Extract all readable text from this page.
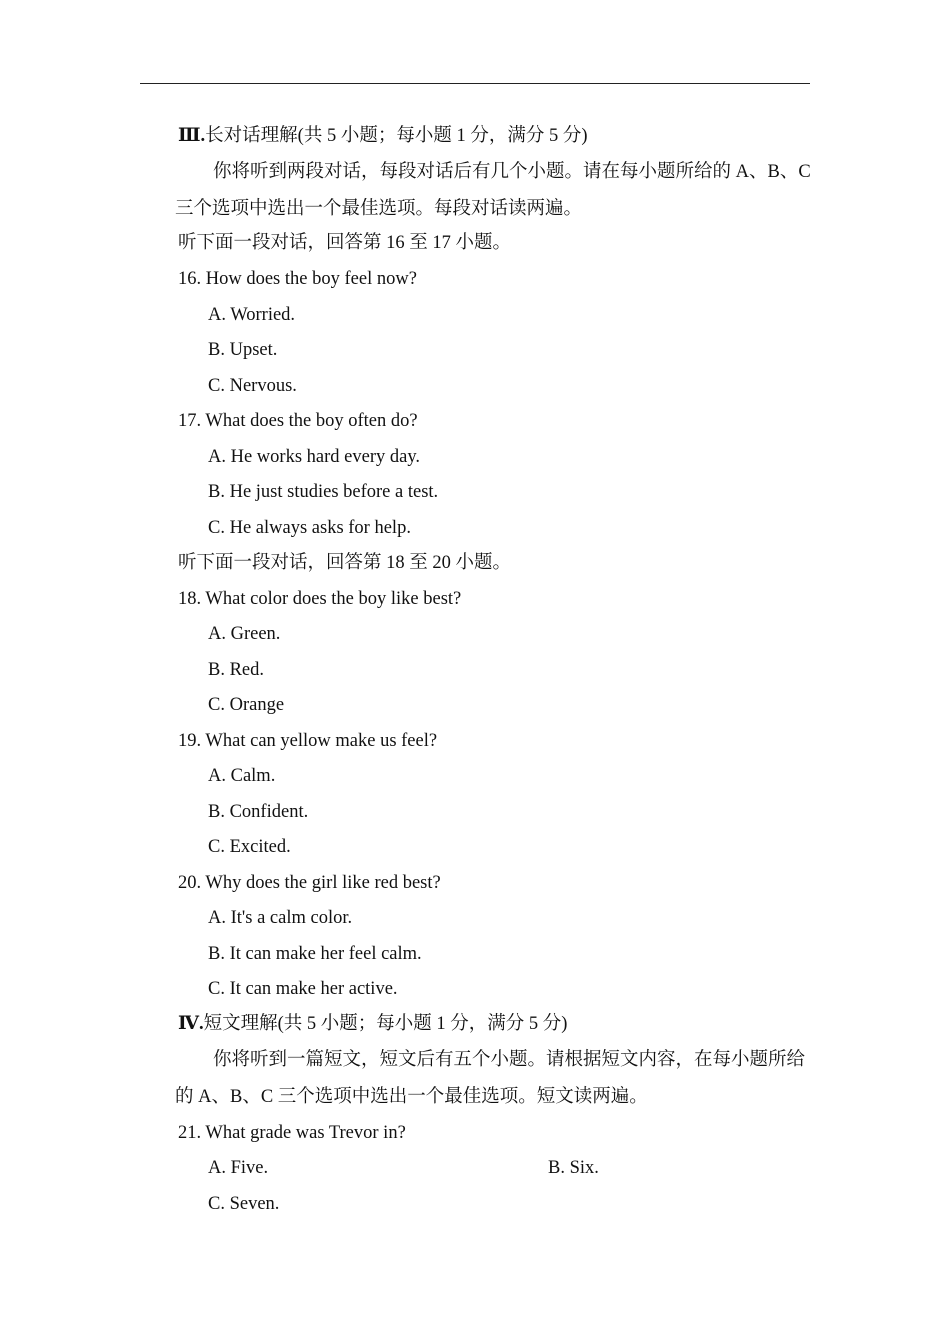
Ⅲ.长对话理解(共 5 小题；每小题 1 分，满分 5 分)
你将听到两段对话，每段对话后有几个小题。请在每小题所给的 A、B、C
三个选项中选出一个最佳选项。每段对话读两遍。
听下面一段对话，回答第 16 至 17 小题。
16. How does the boy feel now?
A. Worried.
B. Upset.
C. Nervous.
17. What does the boy often do?
A. He works hard every day.
B. He just studies before a test.
C. He always asks for help.
听下面一段对话，回答第 18 至 20 小题。
18. What color does the boy like best?
A. Green.
B. Red.
C. Orange
19. What can yellow make us feel?
A. Calm.
B. Confident.
C. Excited.
20. Why does the girl like red best?
A. It's a calm color.
B. It can make her feel calm.
C. It can make her active.
Ⅳ.短文理解(共 5 小题；每小题 1 分，满分 5 分)
你将听到一篇短文，短文后有五个小题。请根据短文内容，在每小题所给
的 A、B、C 三个选项中选出一个最佳选项。短文读两遍。
21. What grade was Trevor in?
A. Five.	B. Six.
C. Seven.
